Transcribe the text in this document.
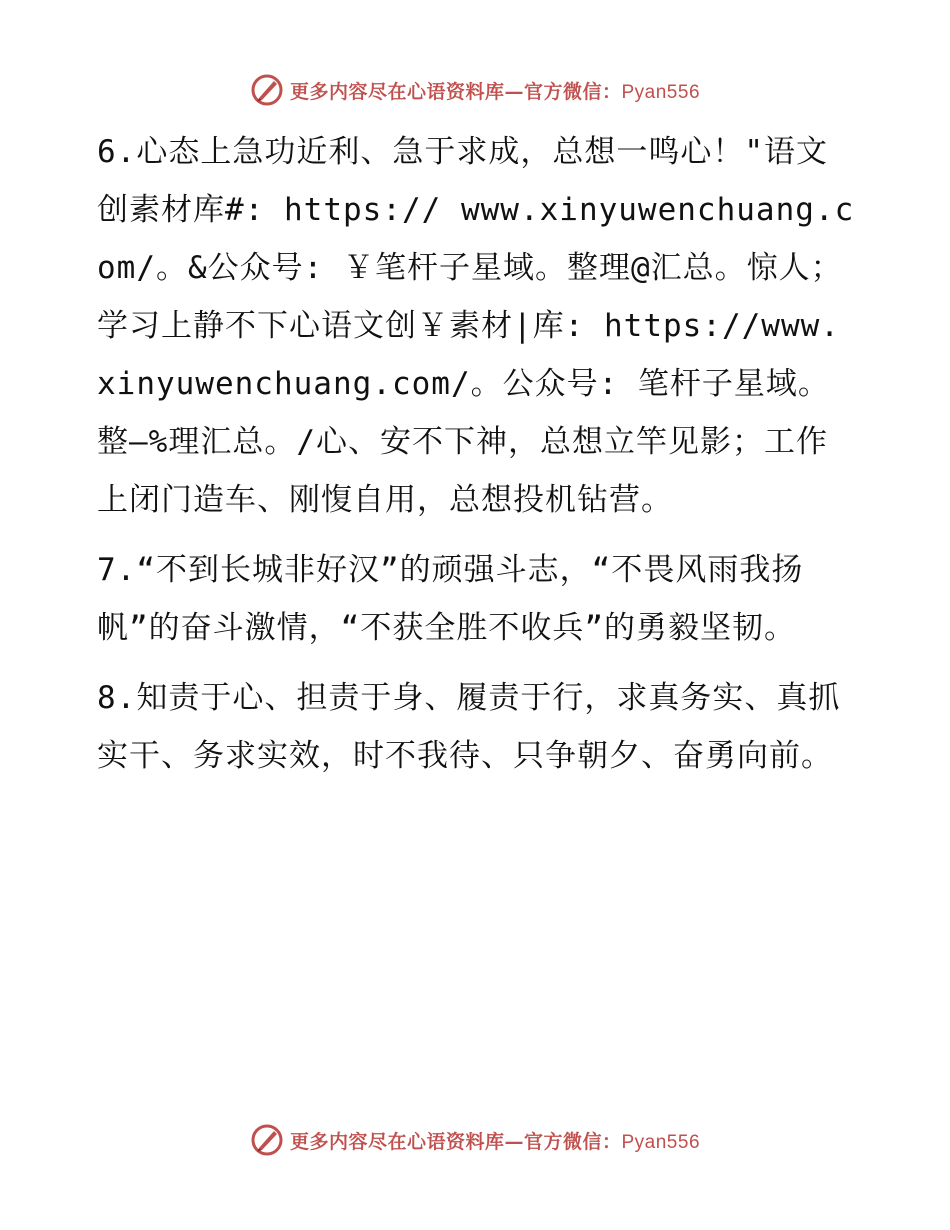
更多内容尽在心语资料库—官方微信：Pyan556

6.心态上急功近利、急于求成，总想一鸣心！"语文创素材库#: https:// www.xinyuwenchuang.com/。&公众号: ￥笔杆子星域。整理@汇总。惊人；学习上静不下心语文创￥素材|库: https://www.xinyuwenchuang.com/。公众号: 笔杆子星域。整—%理汇总。/心、安不下神，总想立竿见影；工作上闭门造车、刚愎自用，总想投机钻营。

7.“不到长城非好汉”的顽强斗志，“不畏风雨我扬帆”的奋斗激情，“不获全胜不收兵”的勇毅坚韧。

8.知责于心、担责于身、履责于行，求真务实、真抓实干、务求实效，时不我待、只争朝夕、奋勇向前。

更多内容尽在心语资料库—官方微信：Pyan556
